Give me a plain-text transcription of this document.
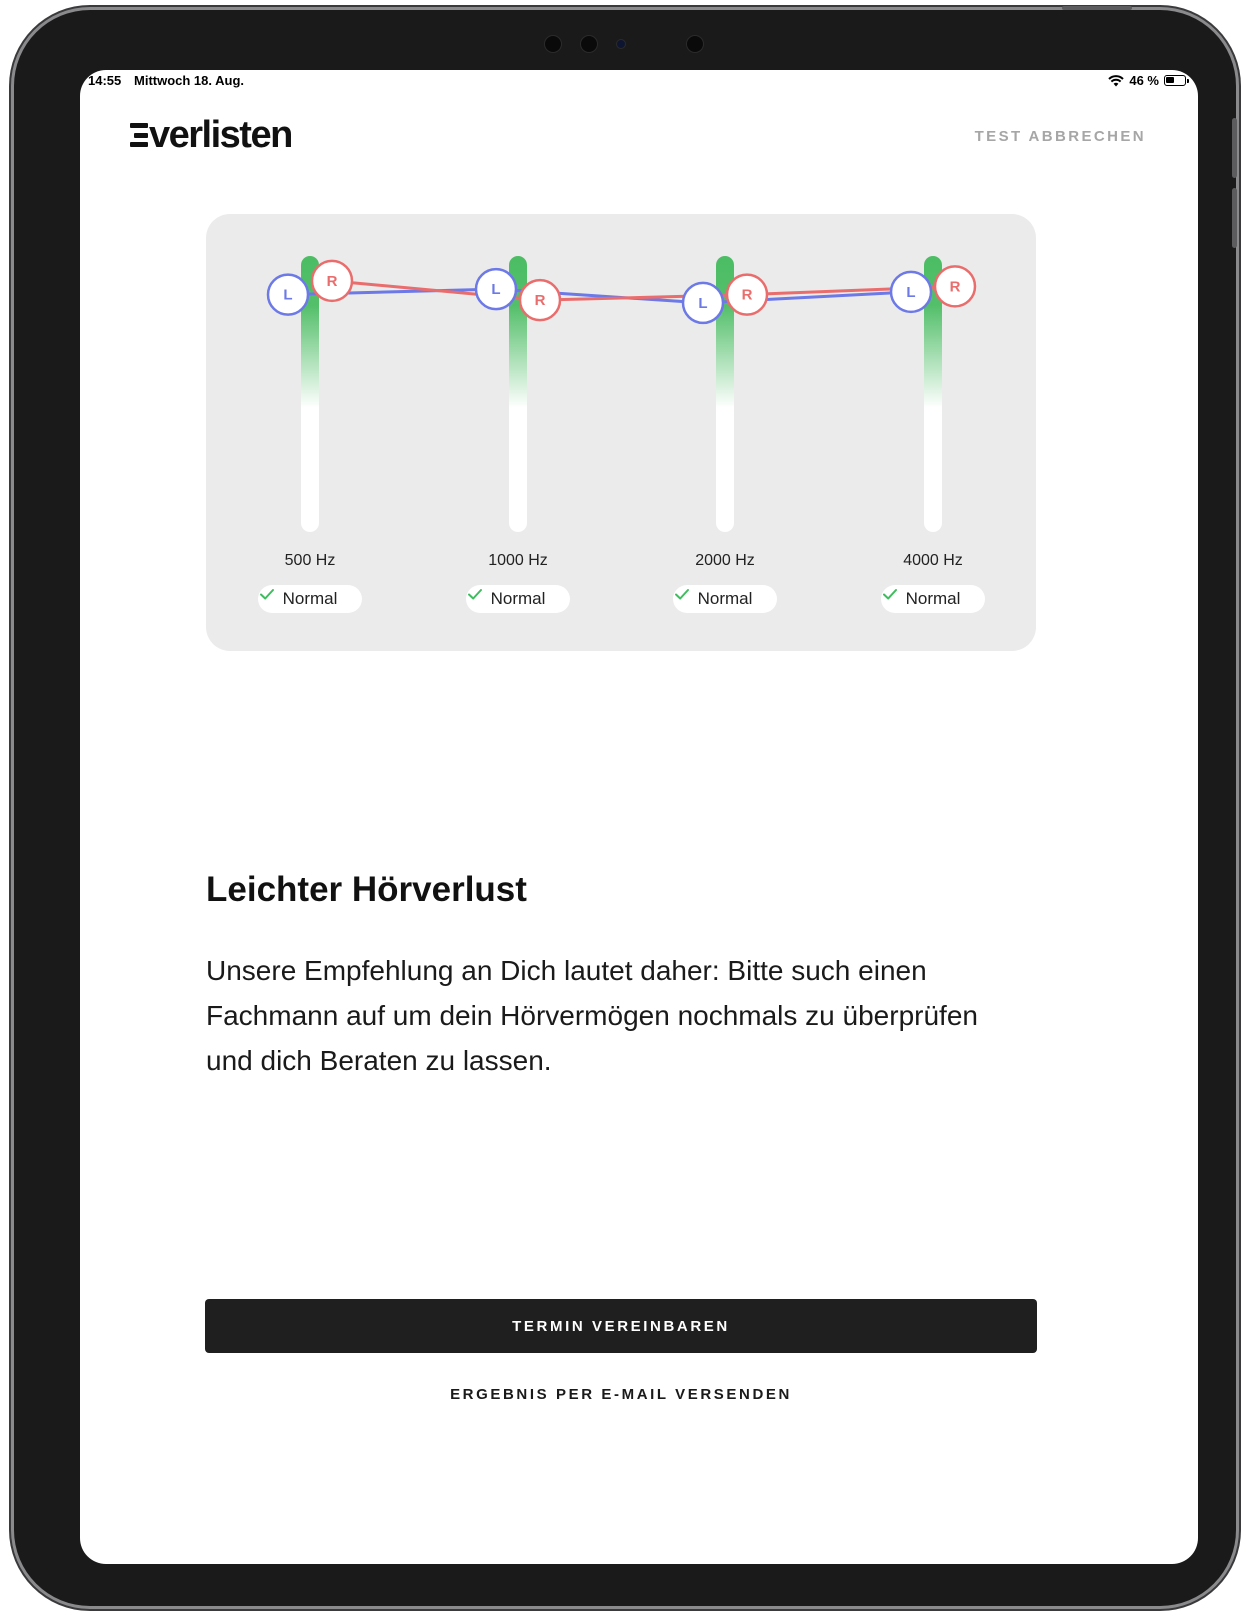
14:55 Mittwoch 18. Aug.	46 %
verlisten	TEST ABBRECHEN
L	L
L
L
R
R	R	R
500 Hz
Normal
1000 Hz
Normal
2000 Hz
Normal
4000 Hz
Normal
Leichter Hörverlust
Unsere Empfehlung an Dich lautet daher: Bitte such einen Fachmann auf um dein Hörvermögen nochmals zu überprüfen und dich Beraten zu lassen.
TERMIN VEREINBAREN
ERGEBNIS PER E-MAIL VERSENDEN
